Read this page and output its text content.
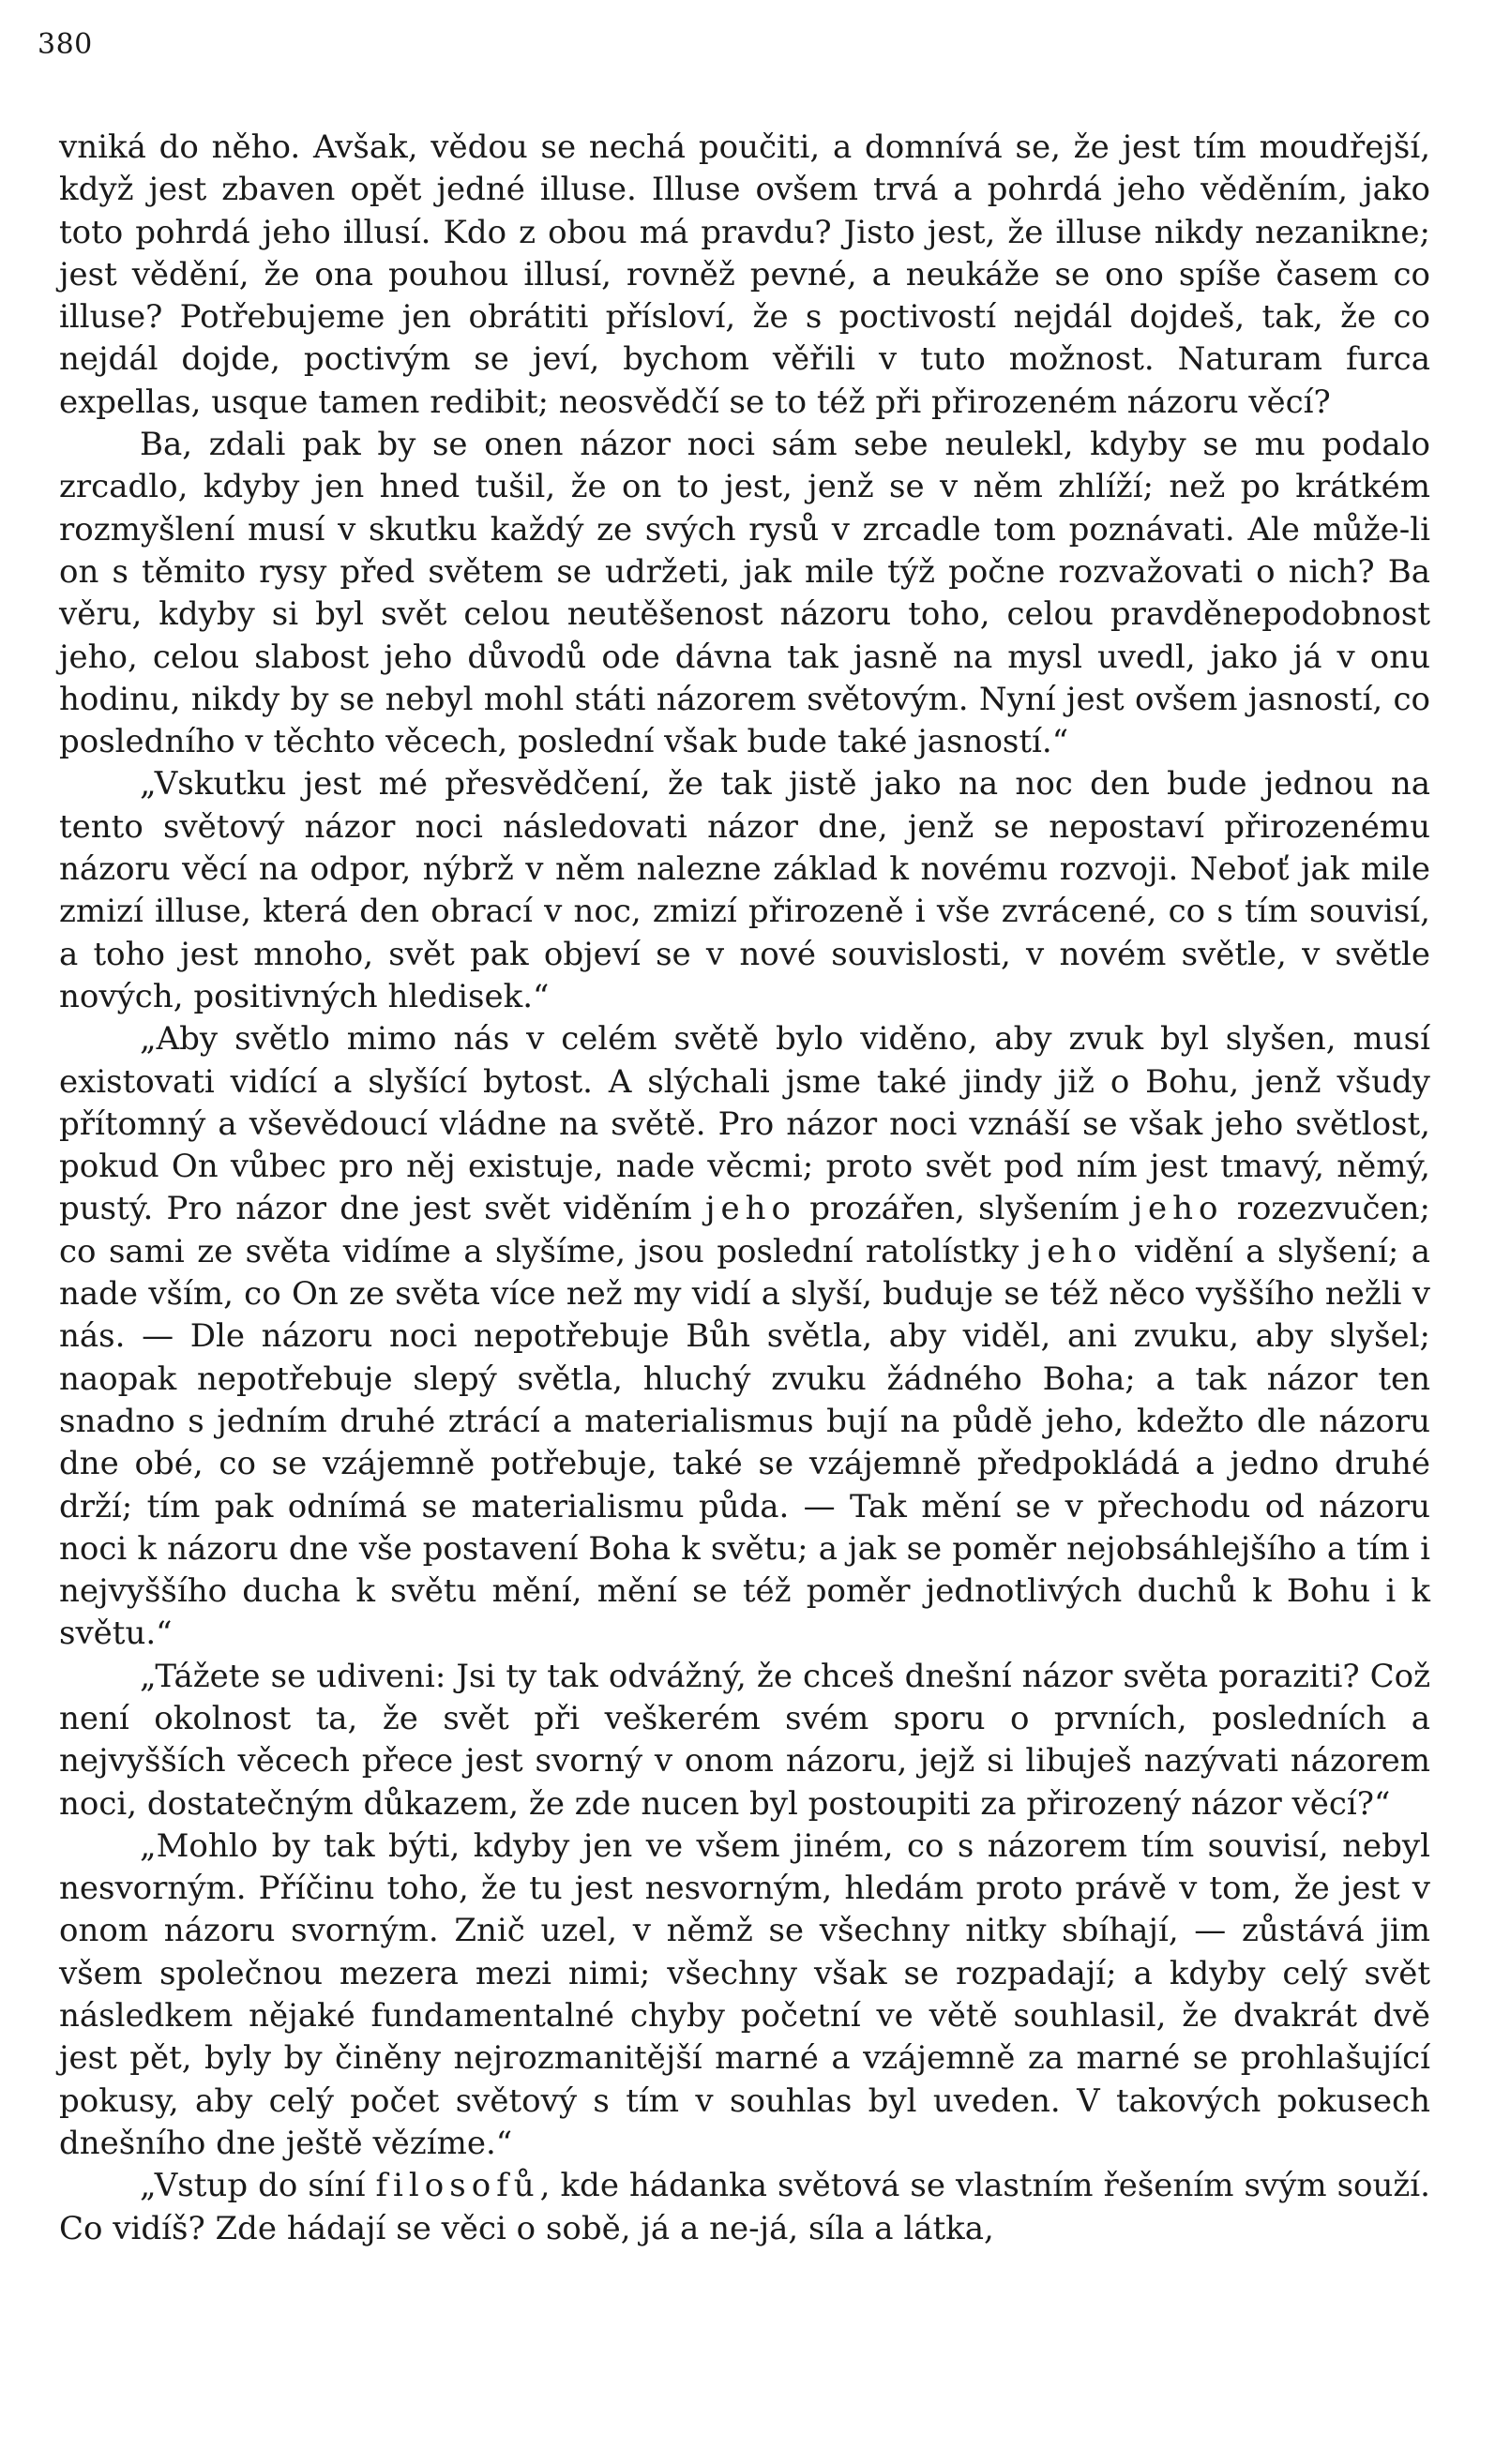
380

vniká do něho. Avšak, vědou se nechá poučiti, a domnívá se, že jest tím moudřejší, když jest zbaven opět jedné illuse. Illuse ovšem trvá a pohrdá jeho věděním, jako toto pohrdá jeho illusí. Kdo z obou má pravdu? Jisto jest, že illuse nikdy nezanikne; jest vědění, že ona pouhou illusí, rovněž pevné, a neukáže se ono spíše časem co illuse? Potřebujeme jen obrátiti přísloví, že s poctivostí nejdál dojdeš, tak, že co nejdál dojde, poctivým se jeví, bychom věřili v tuto možnost. Naturam furca expellas, usque tamen redibit; neosvědčí se to též při přirozeném názoru věcí?

Ba, zdali pak by se onen názor noci sám sebe neulekl, kdyby se mu podalo zrcadlo, kdyby jen hned tušil, že on to jest, jenž se v něm zhlíží; než po krátkém rozmyšlení musí v skutku každý ze svých rysů v zrcadle tom poznávati. Ale může-li on s těmito rysy před světem se udržeti, jak mile týž počne rozvažovati o nich? Ba věru, kdyby si byl svět celou neutěšenost názoru toho, celou pravděnepodobnost jeho, celou slabost jeho důvodů ode dávna tak jasně na mysl uvedl, jako já v onu hodinu, nikdy by se nebyl mohl státi názorem světovým. Nyní jest ovšem jasností, co posledního v těchto věcech, poslední však bude také jasností.“

„Vskutku jest mé přesvědčení, že tak jistě jako na noc den bude jednou na tento světový názor noci následovati názor dne, jenž se nepostaví přirozenému názoru věcí na odpor, nýbrž v něm nalezne základ k novému rozvoji. Neboť jak mile zmizí illuse, která den obrací v noc, zmizí přirozeně i vše zvrácené, co s tím souvisí, a toho jest mnoho, svět pak objeví se v nové souvislosti, v novém světle, v světle nových, positivných hledisek.“

„Aby světlo mimo nás v celém světě bylo viděno, aby zvuk byl slyšen, musí existovati vidící a slyšící bytost. A slýchali jsme také jindy již o Bohu, jenž všudy přítomný a vševědoucí vládne na světě. Pro názor noci vznáší se však jeho světlost, pokud On vůbec pro něj existuje, nade věcmi; proto svět pod ním jest tmavý, němý, pustý. Pro názor dne jest svět viděním jeho prozářen, slyšením jeho rozezvučen; co sami ze světa vidíme a slyšíme, jsou poslední ratolístky jeho vidění a slyšení; a nade vším, co On ze světa více než my vidí a slyší, buduje se též něco vyššího nežli v nás. — Dle názoru noci nepotřebuje Bůh světla, aby viděl, ani zvuku, aby slyšel; naopak nepotřebuje slepý světla, hluchý zvuku žádného Boha; a tak názor ten snadno s jedním druhé ztrácí a materialismus bují na půdě jeho, kdežto dle názoru dne obé, co se vzájemně potřebuje, také se vzájemně předpokládá a jedno druhé drží; tím pak odnímá se materialismu půda. — Tak mění se v přechodu od názoru noci k názoru dne vše postavení Boha k světu; a jak se poměr nejobsáhlejšího a tím i nejvyššího ducha k světu mění, mění se též poměr jednotlivých duchů k Bohu i k světu.“

„Tážete se udiveni: Jsi ty tak odvážný, že chceš dnešní názor světa poraziti? Což není okolnost ta, že svět při veškerém svém sporu o prvních, posledních a nejvyšších věcech přece jest svorný v onom názoru, jejž si libuješ nazývati názorem noci, dostatečným důkazem, že zde nucen byl postoupiti za přirozený názor věcí?“

„Mohlo by tak býti, kdyby jen ve všem jiném, co s názorem tím souvisí, nebyl nesvorným. Příčinu toho, že tu jest nesvorným, hledám proto právě v tom, že jest v onom názoru svorným. Znič uzel, v němž se všechny nitky sbíhají, — zůstává jim všem společnou mezera mezi nimi; všechny však se rozpadají; a kdyby celý svět následkem nějaké fundamentalné chyby početní ve větě souhlasil, že dvakrát dvě jest pět, byly by činěny nejrozmanitější marné a vzájemně za marné se prohlašující pokusy, aby celý počet světový s tím v souhlas byl uveden. V takových pokusech dnešního dne ještě vězíme.“

„Vstup do síní filosofů, kde hádanka světová se vlastním řešením svým souží. Co vidíš? Zde hádají se věci o sobě, já a ne-já, síla a látka,
